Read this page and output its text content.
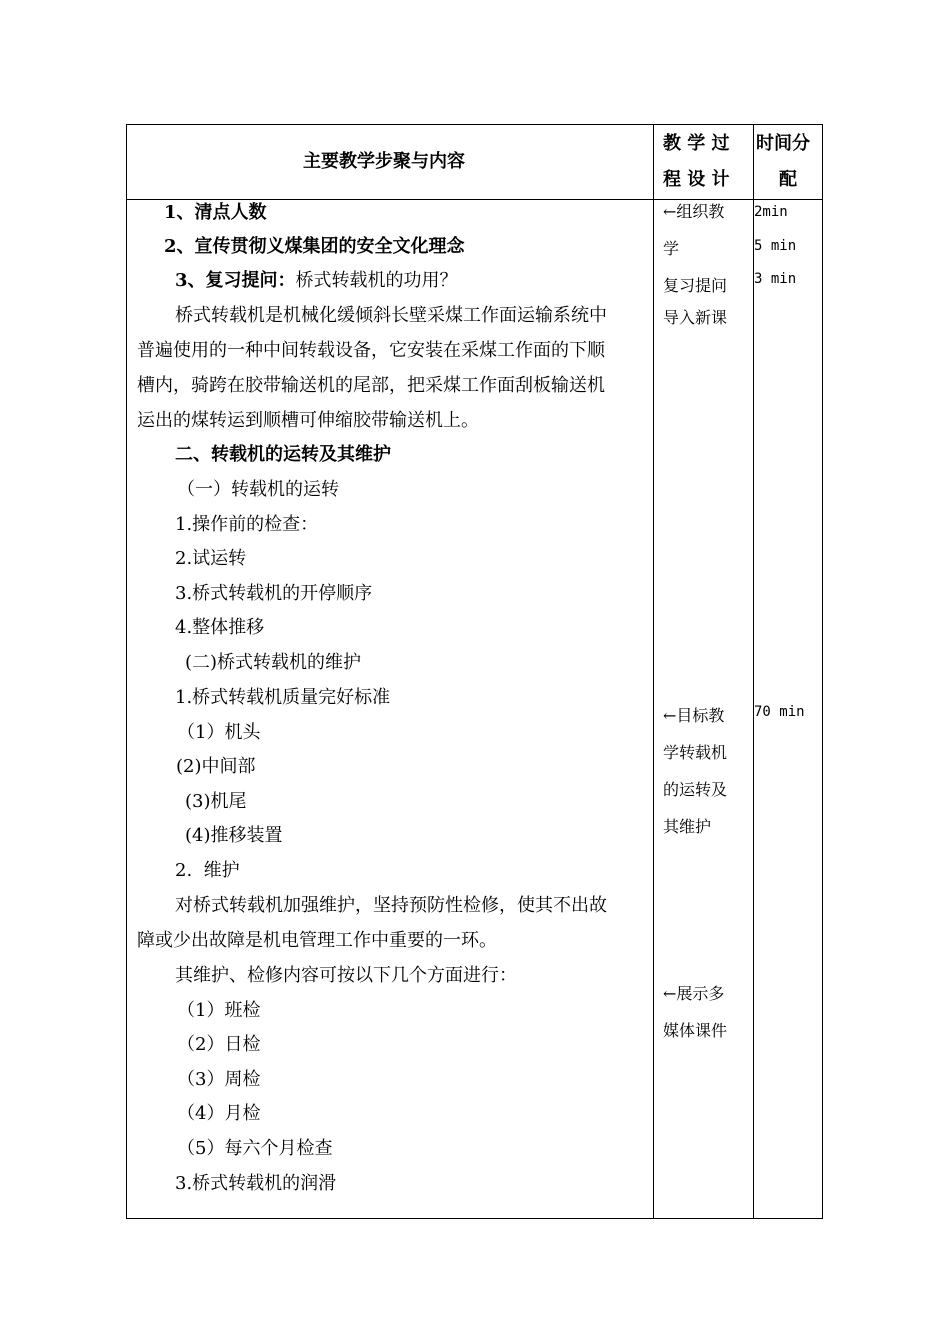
主要教学步聚与内容
教 学 过
程 设 计
时间分
配
1、清点人数
2、宣传贯彻义煤集团的安全文化理念
3、复习提问：桥式转载机的功用？
桥式转载机是机械化缓倾斜长壁采煤工作面运输系统中
普遍使用的一种中间转载设备，它安装在采煤工作面的下顺
槽内，骑跨在胶带输送机的尾部，把采煤工作面刮板输送机
运出的煤转运到顺槽可伸缩胶带输送机上。
二、转载机的运转及其维护
（一）转载机的运转
1.操作前的检查：
2.试运转
3.桥式转载机的开停顺序
4.整体推移
(二)桥式转载机的维护
1.桥式转载机质量完好标准
（1）机头
(2)中间部
(3)机尾
(4)推移装置
2.  维护
对桥式转载机加强维护，坚持预防性检修，使其不出故
障或少出故障是机电管理工作中重要的一环。
其维护、检修内容可按以下几个方面进行：
（1）班检
（2）日检
（3）周检
（4）月检
（5）每六个月检查
3.桥式转载机的润滑
←组织教
学
复习提问
导入新课
←目标教
学转载机
的运转及
其维护
←展示多
媒体课件
2min
5 min
3 min
70 min
